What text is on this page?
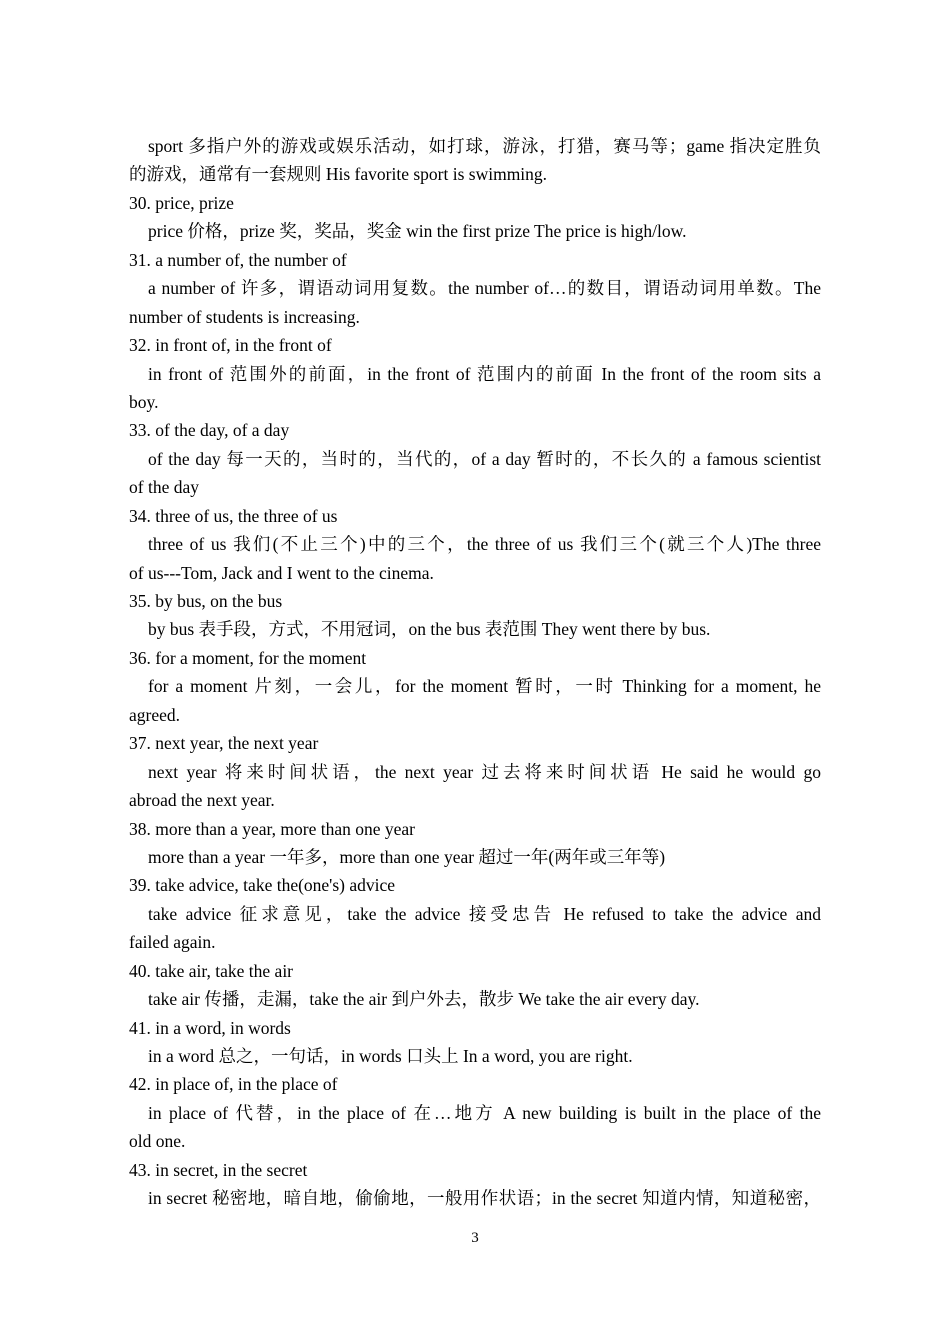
sport 多指户外的游戏或娱乐活动，如打球，游泳，打猎，赛马等；game 指决定胜负
的游戏，通常有一套规则 His favorite sport is swimming.
30. price, prize
price 价格，prize 奖，奖品，奖金 win the first prize The price is high/low.
31. a number of, the number of
a number of 许多，谓语动词用复数。the number of…的数目，谓语动词用单数。The
number of students is increasing.
32. in front of, in the front of
in front of 范围外的前面，in the front of 范围内的前面 In the front of the room sits a
boy.
33. of the day, of a day
of the day 每一天的，当时的，当代的，of a day 暂时的，不长久的 a famous scientist
of the day
34. three of us, the three of us
three of us 我们(不止三个)中的三个，the three of us 我们三个(就三个人)The three
of us---Tom, Jack and I went to the cinema.
35. by bus, on the bus
by bus 表手段，方式，不用冠词，on the bus 表范围 They went there by bus.
36. for a moment, for the moment
for a moment 片刻，一会儿，for the moment 暂时，一时 Thinking for a moment, he
agreed.
37. next year, the next year
next year 将来时间状语，the next year 过去将来时间状语 He said he would go
abroad the next year.
38. more than a year, more than one year
more than a year 一年多，more than one year 超过一年(两年或三年等)
39. take advice, take the(one's) advice
take advice 征求意见，take the advice 接受忠告 He refused to take the advice and
failed again.
40. take air, take the air
take air 传播，走漏，take the air 到户外去，散步 We take the air every day.
41. in a word, in words
in a word 总之，一句话，in words 口头上 In a word, you are right.
42. in place of, in the place of
in place of 代替，in the place of 在…地方 A new building is built in the place of the
old one.
43. in secret, in the secret
in secret 秘密地，暗自地，偷偷地，一般用作状语；in the secret 知道内情，知道秘密，
3
